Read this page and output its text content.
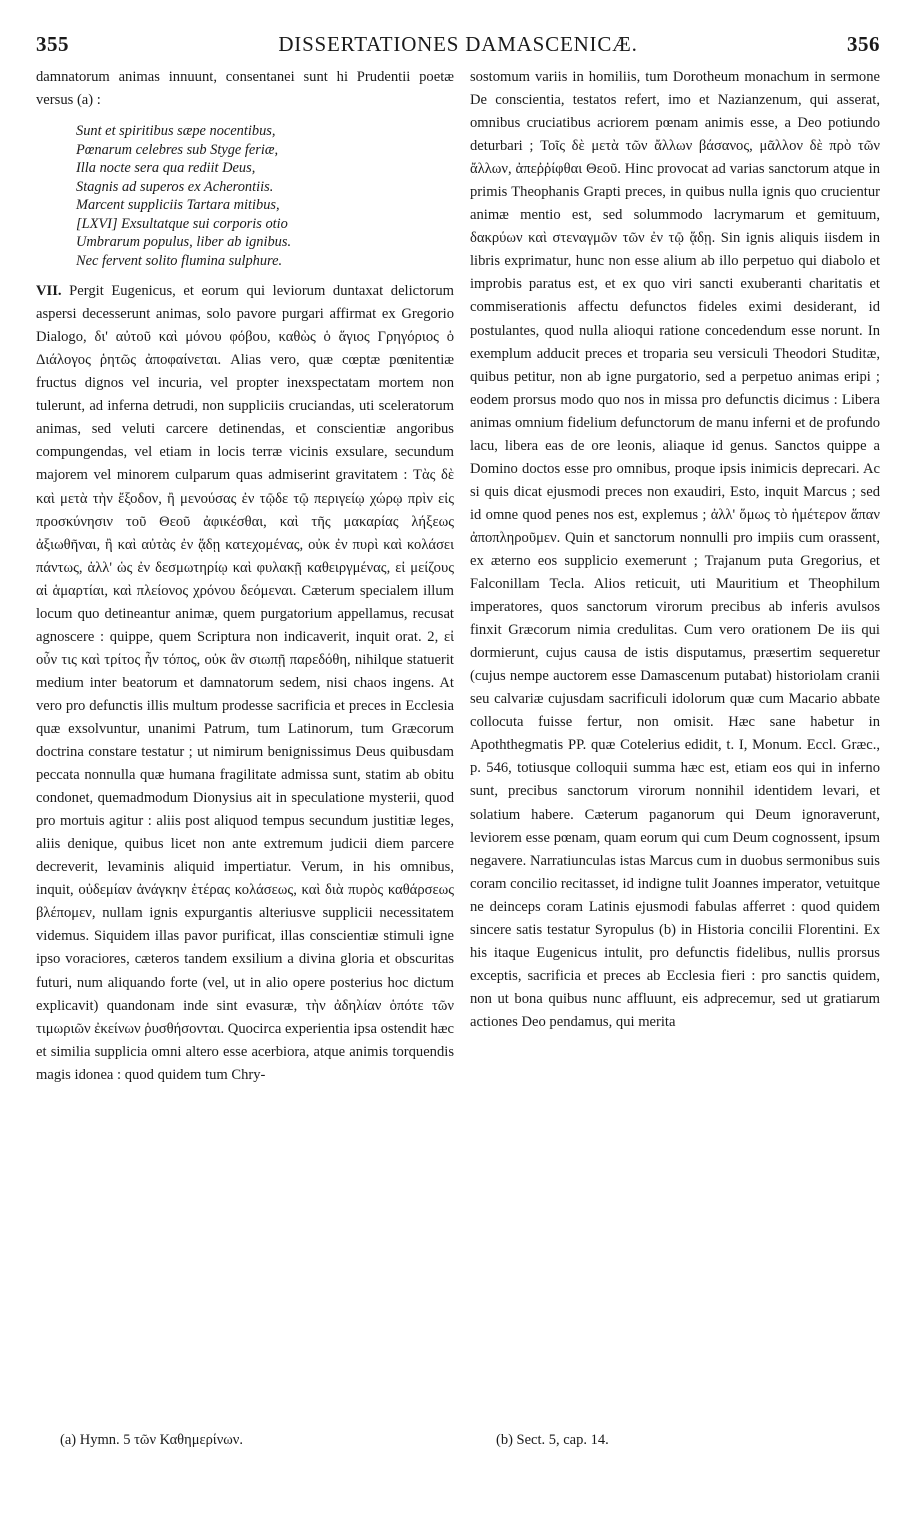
355	DISSERTATIONES DAMASCENICÆ.	356

damnatorum animas innuunt, consentanei sunt hi Prudentii poetæ versus (a) :

Sunt et spiritibus sæpe nocentibus,
Pœnarum celebres sub Styge feriæ,
Illa nocte sera qua rediit Deus,
Stagnis ad superos ex Acherontiis.
Marcent suppliciis Tartara mitibus,
[LXVI] Exsultatque sui corporis otio
Umbrarum populus, liber ab ignibus.
Nec fervent solito flumina sulphure.

VII. Pergit Eugenicus, et eorum qui leviorum duntaxat delictorum aspersi decesserunt animas, solo pavore purgari affirmat ex Gregorio Dialogo, δι' αὐτοῦ καὶ μόνου φόβου, καθὼς ὁ ἅγιος Γρηγόριος ὁ Διάλογος ῥητῶς ἀποφαίνεται. Alias vero, quæ cœptæ pœnitentiæ fructus dignos vel incuria, vel propter inexspectatam mortem non tulerunt, ad inferna detrudi, non suppliciis cruciandas, uti sceleratorum animas, sed veluti carcere detinendas, et conscientiæ angoribus compungendas, vel etiam in locis terræ vicinis exsulare, secundum majorem vel minorem culparum quas admiserint gravitatem : Τὰς δὲ καὶ μετὰ τὴν ἔξοδον, ἢ μενούσας ἐν τῷδε τῷ περιγείῳ χώρῳ πρὶν εἰς προσκύνησιν τοῦ Θεοῦ ἀφικέσθαι, καὶ τῆς μακαρίας λήξεως ἀξιωθῆναι, ἢ καὶ αὐτὰς ἐν ᾅδῃ κατεχομένας, οὐκ ἐν πυρὶ καὶ κολάσει πάντως, ἀλλ' ὡς ἐν δεσμωτηρίῳ καὶ φυλακῇ καθειργμένας, εἰ μείζους αἱ ἁμαρτίαι, καὶ πλείονος χρόνου δεόμεναι. Cæterum specialem illum locum quo detineantur animæ, quem purgatorium appellamus, recusat agnoscere : quippe, quem Scriptura non indicaverit, inquit orat. 2, εἰ οὖν τις καὶ τρίτος ἦν τόπος, οὐκ ἂν σιωπῇ παρεδόθη, nihilque statuerit medium inter beatorum et damnatorum sedem, nisi chaos ingens. At vero pro defunctis illis multum prodesse sacrificia et preces in Ecclesia quæ exsolvuntur, unanimi Patrum, tum Latinorum, tum Græcorum doctrina constare testatur ; ut nimirum benignissimus Deus quibusdam peccata nonnulla quæ humana fragilitate admissa sunt, statim ab obitu condonet, quemadmodum Dionysius ait in speculatione mysterii, quod pro mortuis agitur : aliis post aliquod tempus secundum justitiæ leges, aliis denique, quibus licet non ante extremum judicii diem parcere decreverit, levaminis aliquid impertiatur. Verum, in his omnibus, inquit, οὐδεμίαν ἀνάγκην ἑτέρας κολάσεως, καὶ διὰ πυρὸς καθάρσεως βλέπομεν, nullam ignis expurgantis alteriusve supplicii necessitatem videmus. Siquidem illas pavor purificat, illas conscientiæ stimuli igne ipso voraciores, cæteros tandem exsilium a divina gloria et obscuritas futuri, num aliquando forte (vel, ut in alio opere posterius hoc dictum explicavit) quandonam inde sint evasuræ, τὴν ἀδηλίαν ὁπότε τῶν τιμωριῶν ἐκείνων ῥυσθήσονται. Quocirca experientia ipsa ostendit hæc et similia supplicia omni altero esse acerbiora, atque animis torquendis magis idonea : quod quidem tum Chry-

sostomum variis in homiliis, tum Dorotheum monachum in sermone De conscientia, testatos refert, imo et Nazianzenum, qui asserat, omnibus cruciatibus acriorem pœnam animis esse, a Deo potiundo deturbari ; Τοῖς δὲ μετὰ τῶν ἄλλων βάσανος, μᾶλλον δὲ πρὸ τῶν ἄλλων, ἀπεῤῥίφθαι Θεοῦ. Hinc provocat ad varias sanctorum atque in primis Theophanis Grapti preces, in quibus nulla ignis quo crucientur animæ mentio est, sed solummodo lacrymarum et gemituum, δακρύων καὶ στεναγμῶν τῶν ἐν τῷ ᾅδῃ. Sin ignis aliquis iisdem in libris exprimatur, hunc non esse alium ab illo perpetuo qui diabolo et improbis paratus est, et ex quo viri sancti exuberanti charitatis et commiserationis affectu defunctos fideles eximi desiderant, id postulantes, quod nulla alioqui ratione concedendum esse norunt. In exemplum adducit preces et troparia seu versiculi Theodori Studitæ, quibus petitur, non ab igne purgatorio, sed a perpetuo animas eripi ; eodem prorsus modo quo nos in missa pro defunctis dicimus : Libera animas omnium fidelium defunctorum de manu inferni et de profundo lacu, libera eas de ore leonis, aliaque id genus. Sanctos quippe a Domino doctos esse pro omnibus, proque ipsis inimicis deprecari. Ac si quis dicat ejusmodi preces non exaudiri, Esto, inquit Marcus ; sed id omne quod penes nos est, explemus ; ἀλλ' ὅμως τὸ ἡμέτερον ἅπαν ἀποπληροῦμεν. Quin et sanctorum nonnulli pro impiis cum orassent, ex æterno eos supplicio exemerunt ; Trajanum puta Gregorius, et Falconillam Tecla. Alios reticuit, uti Mauritium et Theophilum imperatores, quos sanctorum virorum precibus ab inferis avulsos finxit Græcorum nimia credulitas. Cum vero orationem De iis qui dormierunt, cujus causa de istis disputamus, præsertim sequeretur (cujus nempe auctorem esse Damascenum putabat) historiolam cranii seu calvariæ cujusdam sacrificuli idolorum quæ cum Macario abbate collocuta fuisse fertur, non omisit. Hæc sane habetur in Apoththegmatis PP. quæ Cotelerius edidit, t. I, Monum. Eccl. Græc., p. 546, totiusque colloquii summa hæc est, etiam eos qui in inferno sunt, precibus sanctorum virorum nonnihil identidem levari, et solatium habere. Cæterum paganorum qui Deum ignoraverunt, leviorem esse pœnam, quam eorum qui cum Deum cognossent, ipsum negavere. Narratiunculas istas Marcus cum in duobus sermonibus suis coram concilio recitasset, id indigne tulit Joannes imperator, vetuitque ne deinceps coram Latinis ejusmodi fabulas afferret : quod quidem sincere satis testatur Syropulus (b) in Historia concilii Florentini. Ex his itaque Eugenicus intulit, pro defunctis fidelibus, nullis prorsus exceptis, sacrificia et preces ab Ecclesia fieri : pro sanctis quidem, non ut bona quibus nunc affluunt, eis adprecemur, sed ut gratiarum actiones Deo pendamus, qui merita

(a) Hymn. 5 τῶν Καθημερίνων.	(b) Sect. 5, cap. 14.
